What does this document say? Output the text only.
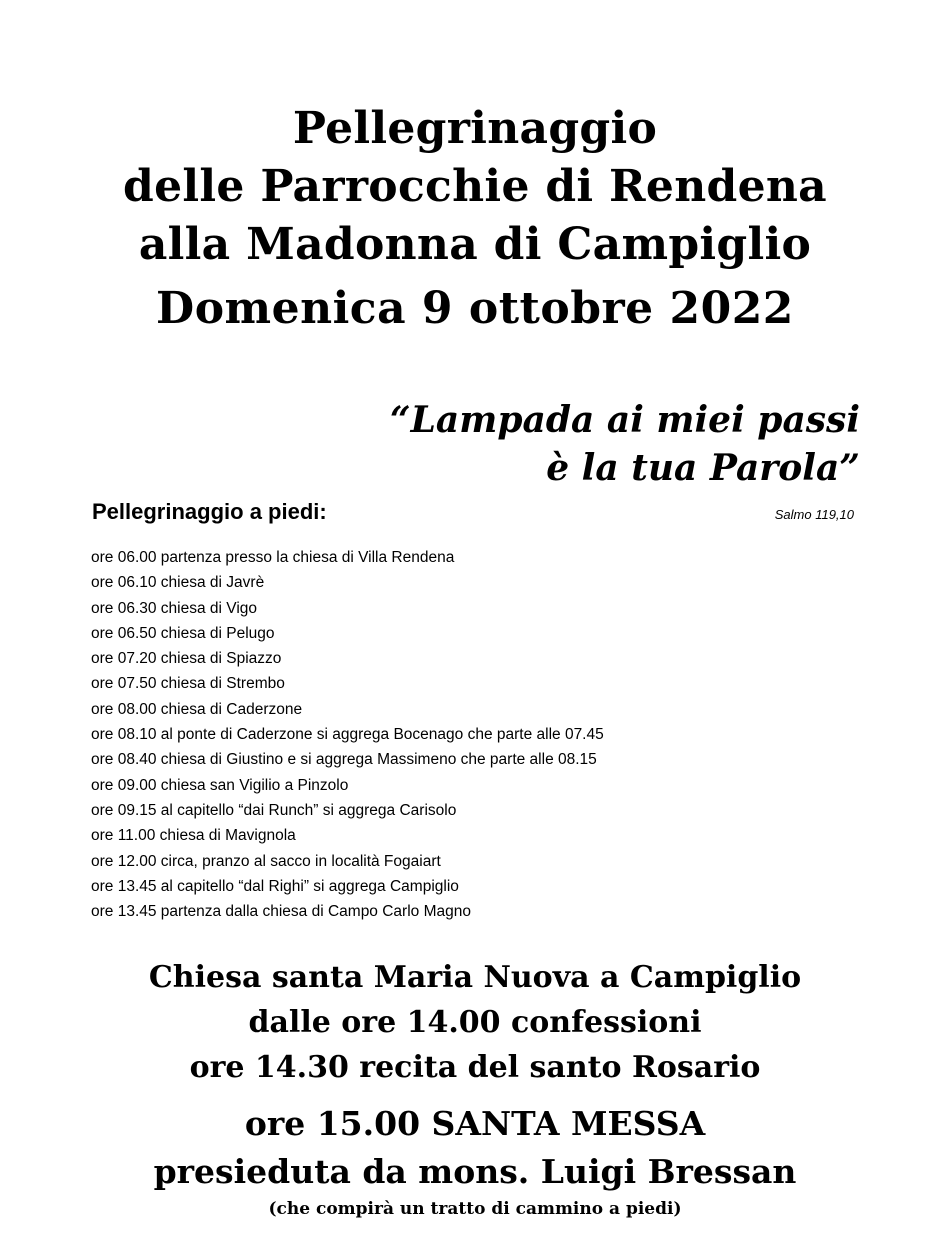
Pellegrinaggio
delle Parrocchie di Rendena
alla Madonna di Campiglio
Domenica 9 ottobre 2022
“Lampada ai miei passi
è la tua Parola”
Pellegrinaggio a piedi:	Salmo 119,10
ore 06.00 partenza presso la chiesa di Villa Rendena
ore 06.10 chiesa di Javrè
ore 06.30 chiesa di Vigo
ore 06.50 chiesa di Pelugo
ore 07.20 chiesa di Spiazzo
ore 07.50 chiesa di Strembo
ore 08.00 chiesa di Caderzone
ore 08.10 al ponte di Caderzone si aggrega Bocenago che parte alle 07.45
ore 08.40 chiesa di Giustino e si aggrega Massimeno che parte alle 08.15
ore 09.00 chiesa san Vigilio a Pinzolo
ore 09.15 al capitello “dai Runch” si aggrega Carisolo
ore 11.00 chiesa di Mavignola
ore 12.00 circa, pranzo al sacco in località Fogaiart
ore 13.45 al capitello “dal Righi” si aggrega Campiglio
ore 13.45 partenza dalla chiesa di Campo Carlo Magno
Chiesa santa Maria Nuova a Campiglio
dalle ore 14.00 confessioni
ore 14.30 recita del santo Rosario
ore 15.00 SANTA MESSA
presieduta da mons. Luigi Bressan
(che compirà un tratto di cammino a piedi)
